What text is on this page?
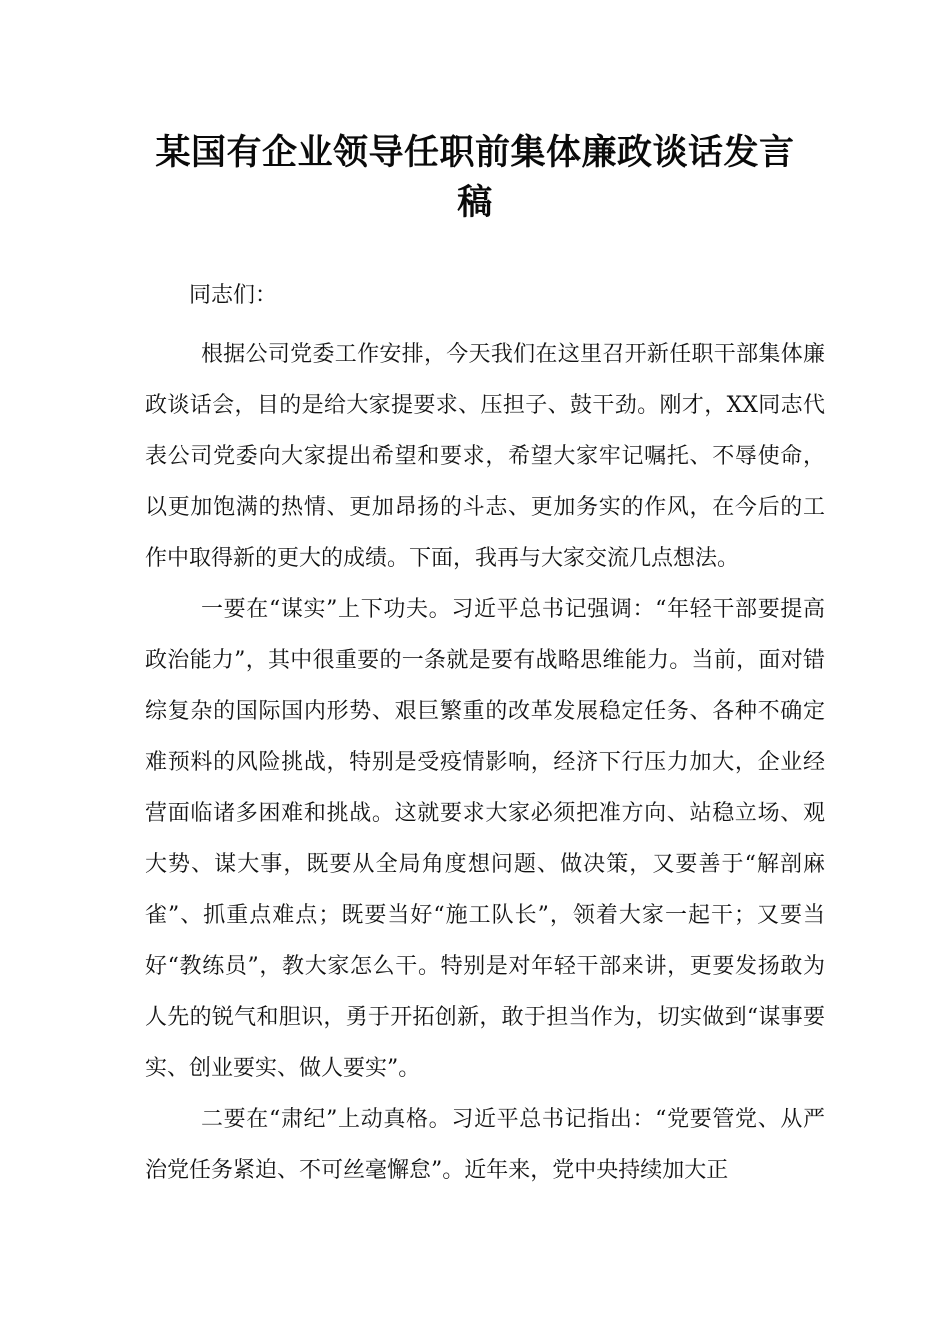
某国有企业领导任职前集体廉政谈话发言稿

同志们：

根据公司党委工作安排，今天我们在这里召开新任职干部集体廉政谈话会，目的是给大家提要求、压担子、鼓干劲。刚才，XX同志代表公司党委向大家提出希望和要求，希望大家牢记嘱托、不辱使命，以更加饱满的热情、更加昂扬的斗志、更加务实的作风，在今后的工作中取得新的更大的成绩。下面，我再与大家交流几点想法。

一要在“谋实”上下功夫。习近平总书记强调：“年轻干部要提高政治能力”，其中很重要的一条就是要有战略思维能力。当前，面对错综复杂的国际国内形势、艰巨繁重的改革发展稳定任务、各种不确定难预料的风险挑战，特别是受疫情影响，经济下行压力加大，企业经营面临诸多困难和挑战。这就要求大家必须把准方向、站稳立场、观大势、谋大事，既要从全局角度想问题、做决策，又要善于“解剖麻雀”、抓重点难点；既要当好“施工队长”，领着大家一起干；又要当好“教练员”，教大家怎么干。特别是对年轻干部来讲，更要发扬敢为人先的锐气和胆识，勇于开拓创新，敢于担当作为，切实做到“谋事要实、创业要实、做人要实”。

二要在“肃纪”上动真格。习近平总书记指出：“党要管党、从严治党任务紧迫、不可丝毫懈怠”。近年来，党中央持续加大正
